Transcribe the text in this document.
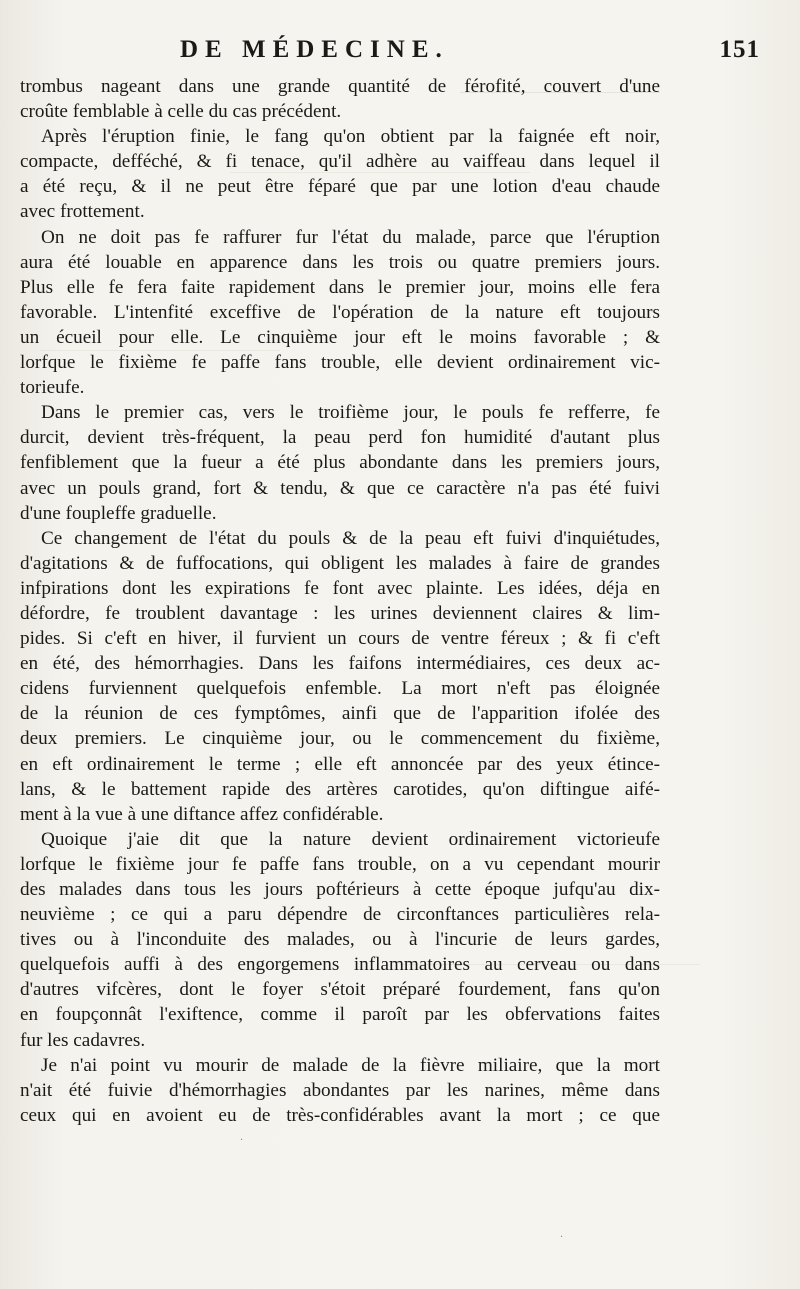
DE MÉDECINE.	151
trombus nageant dans une grande quantité de férofité, couvert d'une
croûte femblable à celle du cas précédent.
Après l'éruption finie, le fang qu'on obtient par la faignée eft noir,
compacte, defféché, & fi tenace, qu'il adhère au vaiffeau dans lequel il
a été reçu, & il ne peut être féparé que par une lotion d'eau chaude
avec frottement.
On ne doit pas fe raffurer fur l'état du malade, parce que l'éruption
aura été louable en apparence dans les trois ou quatre premiers jours.
Plus elle fe fera faite rapidement dans le premier jour, moins elle fera
favorable. L'intenfité exceffive de l'opération de la nature eft toujours
un écueil pour elle. Le cinquième jour eft le moins favorable ; &
lorfque le fixième fe paffe fans trouble, elle devient ordinairement vic-
torieufe.
Dans le premier cas, vers le troifième jour, le pouls fe refferre, fe
durcit, devient très-fréquent, la peau perd fon humidité d'autant plus
fenfiblement que la fueur a été plus abondante dans les premiers jours,
avec un pouls grand, fort & tendu, & que ce caractère n'a pas été fuivi
d'une foupleffe graduelle.
Ce changement de l'état du pouls & de la peau eft fuivi d'inquiétudes,
d'agitations & de fuffocations, qui obligent les malades à faire de grandes
infpirations dont les expirations fe font avec plainte. Les idées, déja en
défordre, fe troublent davantage : les urines deviennent claires & lim-
pides. Si c'eft en hiver, il furvient un cours de ventre féreux ; & fi c'eft
en été, des hémorrhagies. Dans les faifons intermédiaires, ces deux ac-
cidens furviennent quelquefois enfemble. La mort n'eft pas éloignée
de la réunion de ces fymptômes, ainfi que de l'apparition ifolée des
deux premiers. Le cinquième jour, ou le commencement du fixième,
en eft ordinairement le terme ; elle eft annoncée par des yeux étince-
lans, & le battement rapide des artères carotides, qu'on diftingue aifé-
ment à la vue à une diftance affez confidérable.
Quoique j'aie dit que la nature devient ordinairement victorieufe
lorfque le fixième jour fe paffe fans trouble, on a vu cependant mourir
des malades dans tous les jours poftérieurs à cette époque jufqu'au dix-
neuvième ; ce qui a paru dépendre de circonftances particulières rela-
tives ou à l'inconduite des malades, ou à l'incurie de leurs gardes,
quelquefois auffi à des engorgemens inflammatoires au cerveau ou dans
d'autres vifcères, dont le foyer s'étoit préparé fourdement, fans qu'on
en foupçonnât l'exiftence, comme il paroît par les obfervations faites
fur les cadavres.
Je n'ai point vu mourir de malade de la fièvre miliaire, que la mort
n'ait été fuivie d'hémorrhagies abondantes par les narines, même dans
ceux qui en avoient eu de très-confidérables avant la mort ; ce que
·
·
